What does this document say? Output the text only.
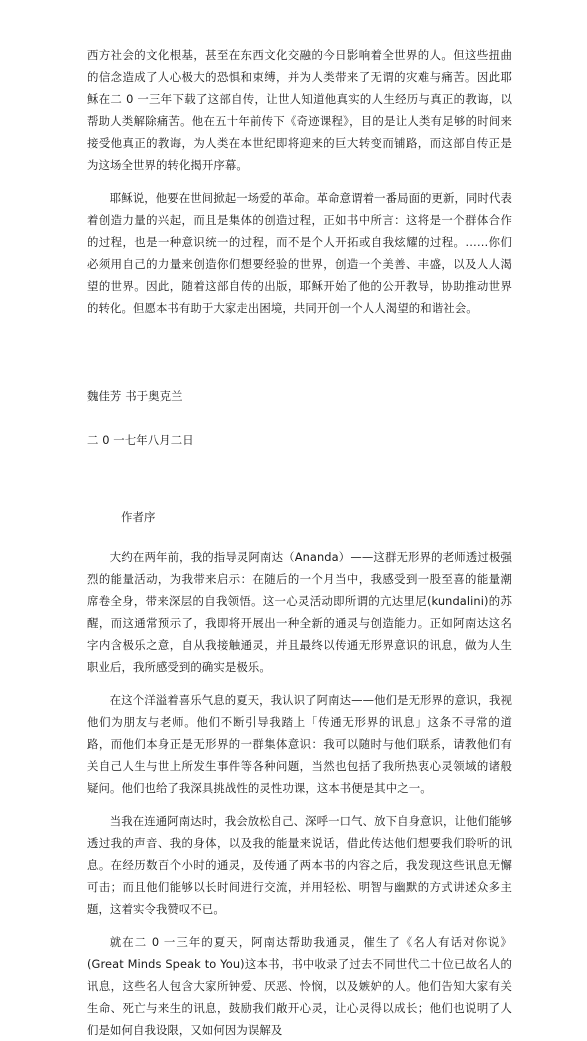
西方社会的文化根基，甚至在东西文化交融的今日影响着全世界的人。但这些扭曲的信念造成了人心极大的恐惧和束缚，并为人类带来了无谓的灾难与痛苦。因此耶稣在二 0 一三年下载了这部自传，让世人知道他真实的人生经历与真正的教诲，以帮助人类解除痛苦。他在五十年前传下《奇迹课程》，目的是让人类有足够的时间来接受他真正的教诲，为人类在本世纪即将迎来的巨大转变而铺路，而这部自传正是为这场全世界的转化揭开序幕。

耶稣说，他要在世间掀起一场爱的革命。革命意谓着一番局面的更新，同时代表着创造力量的兴起，而且是集体的创造过程，正如书中所言：这将是一个群体合作的过程，也是一种意识统一的过程，而不是个人开拓或自我炫耀的过程。……你们必须用自己的力量来创造你们想要经验的世界，创造一个美善、丰盛，以及人人渴望的世界。因此，随着这部自传的出版，耶稣开始了他的公开教导，协助推动世界的转化。但愿本书有助于大家走出困境，共同开创一个人人渴望的和谐社会。

魏佳芳 书于奥克兰

二 0 一七年八月二日

作者序

大约在两年前，我的指导灵阿南达（Ananda）——这群无形界的老师透过极强烈的能量活动，为我带来启示：在随后的一个月当中，我感受到一股至喜的能量潮席卷全身，带来深层的自我领悟。这一心灵活动即所谓的亢达里尼(kundalini)的苏醒，而这通常预示了，我即将开展出一种全新的通灵与创造能力。正如阿南达这名字内含极乐之意，自从我接触通灵，并且最终以传通无形界意识的讯息，做为人生职业后，我所感受到的确实是极乐。

在这个洋溢着喜乐气息的夏天，我认识了阿南达——他们是无形界的意识，我视他们为朋友与老师。他们不断引导我踏上「传通无形界的讯息」这条不寻常的道路，而他们本身正是无形界的一群集体意识：我可以随时与他们联系，请教他们有关自己人生与世上所发生事件等各种问题，当然也包括了我所热衷心灵领域的诸般疑问。他们也给了我深具挑战性的灵性功课，这本书便是其中之一。

当我在连通阿南达时，我会放松自己、深呼一口气、放下自身意识，让他们能够透过我的声音、我的身体，以及我的能量来说话，借此传达他们想要我们聆听的讯息。在经历数百个小时的通灵，及传通了两本书的内容之后，我发现这些讯息无懈可击；而且他们能够以长时间进行交流，并用轻松、明智与幽默的方式讲述众多主题，这着实令我赞叹不已。

就在二 0 一三年的夏天，阿南达帮助我通灵，催生了《名人有话对你说》(Great Minds Speak to You)这本书，书中收录了过去不同世代二十位已故名人的讯息，这些名人包含大家所钟爱、厌恶、怜悯，以及嫉妒的人。他们告知大家有关生命、死亡与来生的讯息，鼓励我们敞开心灵，让心灵得以成长；他们也说明了人们是如何自我设限，又如何因为误解及
